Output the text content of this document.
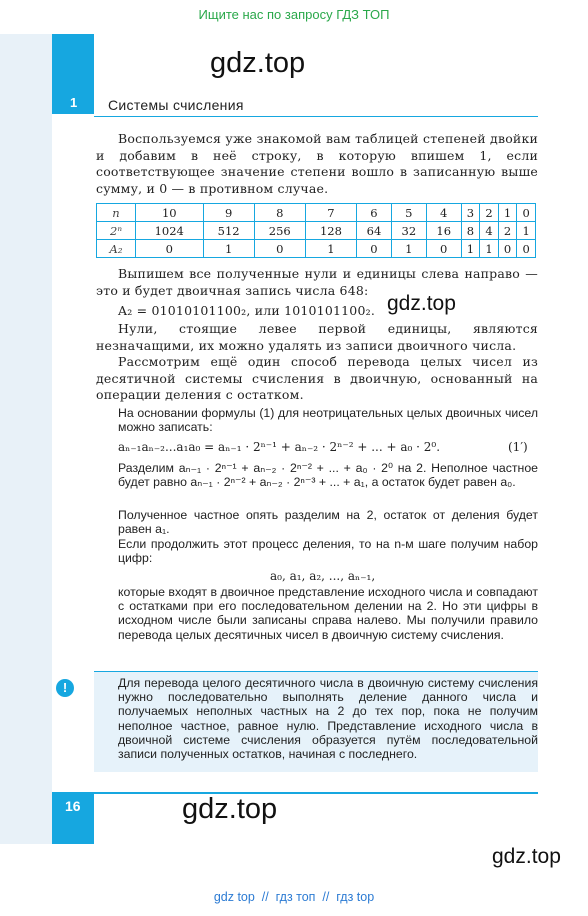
Ищите нас по запросу ГДЗ ТОП
1
gdz.top
Системы счисления
Воспользуемся уже знакомой вам таблицей степеней двойки и добавим в неё строку, в которую впишем 1, если соответствующее значение степени вошло в записанную выше сумму, и 0 — в противном случае.
n	10	9	8	7	6	5	4	3	2	1	0
2ⁿ	1024	512	256	128	64	32	16	8	4	2	1
A₂	0	1	0	1	0	1	0	1	1	0	0
Выпишем все полученные нули и единицы слева направо — это и будет двоичная запись числа 648:
gdz.top
A₂ = 01010101100₂, или 1010101100₂.
Нули, стоящие левее первой единицы, являются незначащими, их можно удалять из записи двоичного числа.
Рассмотрим ещё один способ перевода целых чисел из десятичной системы счисления в двоичную, основанный на операции деления с остатком.
На основании формулы (1) для неотрицательных целых двоичных чисел можно записать:
aₙ₋₁aₙ₋₂...a₁a₀ = aₙ₋₁ · 2ⁿ⁻¹ + aₙ₋₂ · 2ⁿ⁻² + ... + a₀ · 2⁰.	(1′)
Разделим aₙ₋₁ · 2ⁿ⁻¹ + aₙ₋₂ · 2ⁿ⁻² + ... + a₀ · 2⁰ на 2. Неполное частное будет равно aₙ₋₁ · 2ⁿ⁻² + aₙ₋₂ · 2ⁿ⁻³ + ... + a₁, а остаток будет равен a₀.
Полученное частное опять разделим на 2, остаток от деления будет равен a₁.
Если продолжить этот процесс деления, то на n-м шаге получим набор цифр:
a₀, a₁, a₂, ..., aₙ₋₁,
которые входят в двоичное представление исходного числа и совпадают с остатками при его последовательном делении на 2. Но эти цифры в исходном числе были записаны справа налево. Мы получили правило перевода целых десятичных чисел в двоичную систему счисления.
!	Для перевода целого десятичного числа в двоичную систему счисления нужно последовательно выполнять деление данного числа и получаемых неполных частных на 2 до тех пор, пока не получим неполное частное, равное нулю. Представление исходного числа в двоичной системе счисления образуется путём последовательной записи полученных остатков, начиная с последнего.
16	gdz.top
gdz.top
gdz top  //  гдз топ  //  гдз top
